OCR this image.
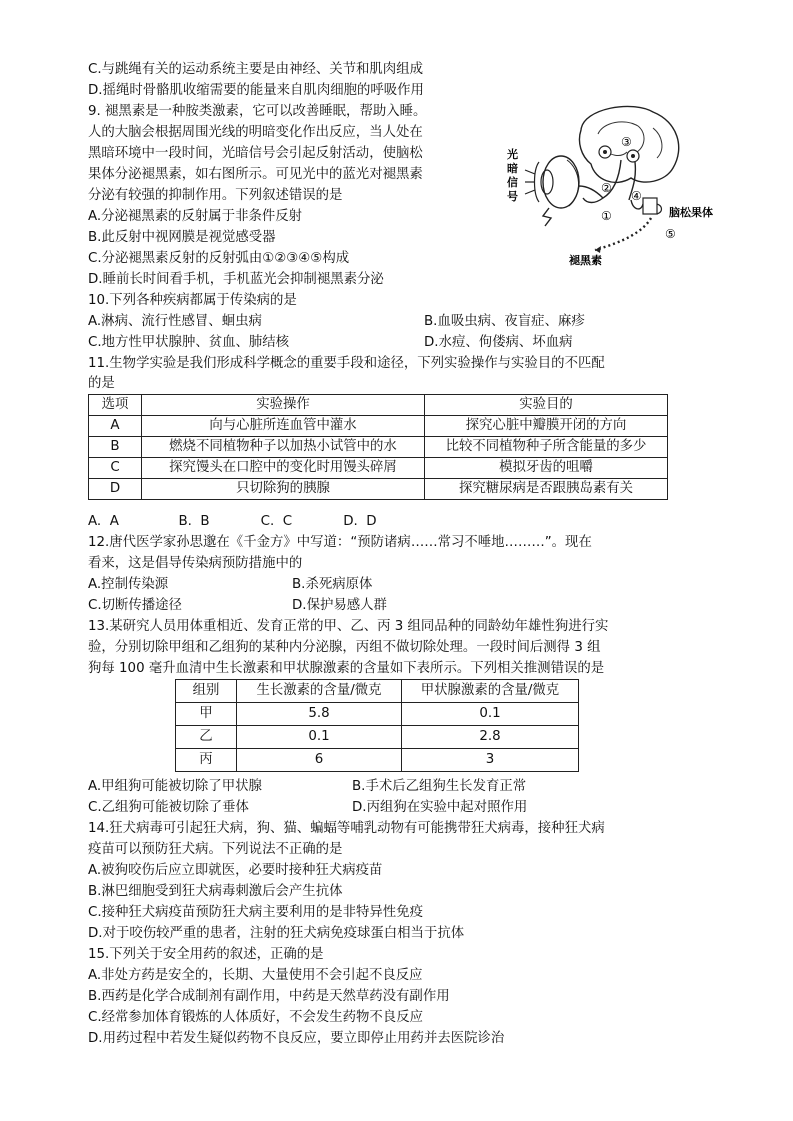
C.与跳绳有关的运动系统主要是由神经、关节和肌肉组成
D.摇绳时骨骼肌收缩需要的能量来自肌肉细胞的呼吸作用
9. 褪黑素是一种胺类激素，它可以改善睡眠，帮助入睡。
人的大脑会根据周围光线的明暗变化作出反应，当人处在
黑暗环境中一段时间，光暗信号会引起反射活动，使脑松
果体分泌褪黑素，如右图所示。可见光中的蓝光对褪黑素
分泌有较强的抑制作用。下列叙述错误的是
A.分泌褪黑素的反射属于非条件反射
B.此反射中视网膜是视觉感受器
C.分泌褪黑素反射的反射弧由①②③④⑤构成
D.睡前长时间看手机，手机蓝光会抑制褪黑素分泌
10.下列各种疾病都属于传染病的是
光
暗
信
号
①
②
③
④
⑤
脑松果体
褪黑素
A.淋病、流行性感冒、蛔虫病	B.血吸虫病、夜盲症、麻疹
C.地方性甲状腺肿、贫血、肺结核	D.水痘、佝偻病、坏血病
11.生物学实验是我们形成科学概念的重要手段和途径，下列实验操作与实验目的不匹配
的是
选项	实验操作	实验目的
A	向与心脏所连血管中灌水	探究心脏中瓣膜开闭的方向
B	燃烧不同植物种子以加热小试管中的水	比较不同植物种子所含能量的多少
C	探究馒头在口腔中的变化时用馒头碎屑	模拟牙齿的咀嚼
D	只切除狗的胰腺	探究糖尿病是否跟胰岛素有关
A.  A              B.  B            C.  C            D.  D
12.唐代医学家孙思邈在《千金方》中写道：“预防诸病……常习不唾地………”。现在
看来，这是倡导传染病预防措施中的
A.控制传染源	B.杀死病原体
C.切断传播途径	D.保护易感人群
13.某研究人员用体重相近、发育正常的甲、乙、丙 3 组同品种的同龄幼年雄性狗进行实
验，分别切除甲组和乙组狗的某种内分泌腺，丙组不做切除处理。一段时间后测得 3 组
狗每 100 毫升血清中生长激素和甲状腺激素的含量如下表所示。下列相关推测错误的是
组别	生长激素的含量/微克	甲状腺激素的含量/微克
甲	5.8	0.1
乙	0.1	2.8
丙	6	3
A.甲组狗可能被切除了甲状腺	B.手术后乙组狗生长发育正常
C.乙组狗可能被切除了垂体	D.丙组狗在实验中起对照作用
14.狂犬病毒可引起狂犬病，狗、猫、蝙蝠等哺乳动物有可能携带狂犬病毒，接种狂犬病
疫苗可以预防狂犬病。下列说法不正确的是
A.被狗咬伤后应立即就医，必要时接种狂犬病疫苗
B.淋巴细胞受到狂犬病毒刺激后会产生抗体
C.接种狂犬病疫苗预防狂犬病主要利用的是非特异性免疫
D.对于咬伤较严重的患者，注射的狂犬病免疫球蛋白相当于抗体
15.下列关于安全用药的叙述，正确的是
A.非处方药是安全的，长期、大量使用不会引起不良反应
B.西药是化学合成制剂有副作用，中药是天然草药没有副作用
C.经常参加体育锻炼的人体质好，不会发生药物不良反应
D.用药过程中若发生疑似药物不良反应，要立即停止用药并去医院诊治
